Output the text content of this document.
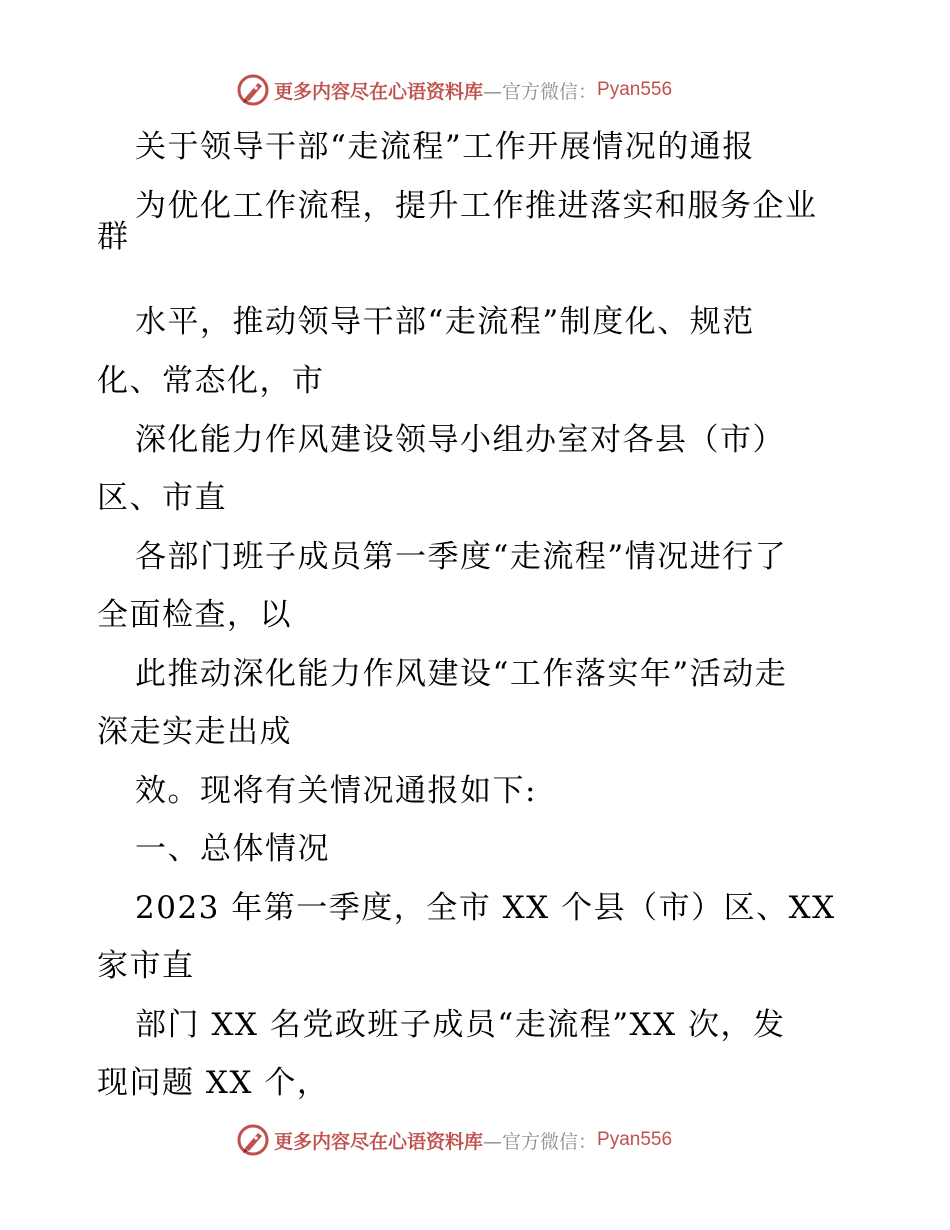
更多内容尽在心语资料库 —官方微信： Pyan556
关于领导干部“走流程”工作开展情况的通报
为优化工作流程，提升工作推进落实和服务企业
群
水平，推动领导干部“走流程”制度化、规范
化、常态化，市
深化能力作风建设领导小组办室对各县（市）
区、市直
各部门班子成员第一季度“走流程”情况进行了
全面检查，以
此推动深化能力作风建设“工作落实年”活动走
深走实走出成
效。现将有关情况通报如下:
一、总体情况
2023 年第一季度，全市 XX 个县（市）区、XX
家市直
部门 XX 名党政班子成员“走流程”XX 次，发
现问题 XX 个，
更多内容尽在心语资料库 —官方微信： Pyan556
